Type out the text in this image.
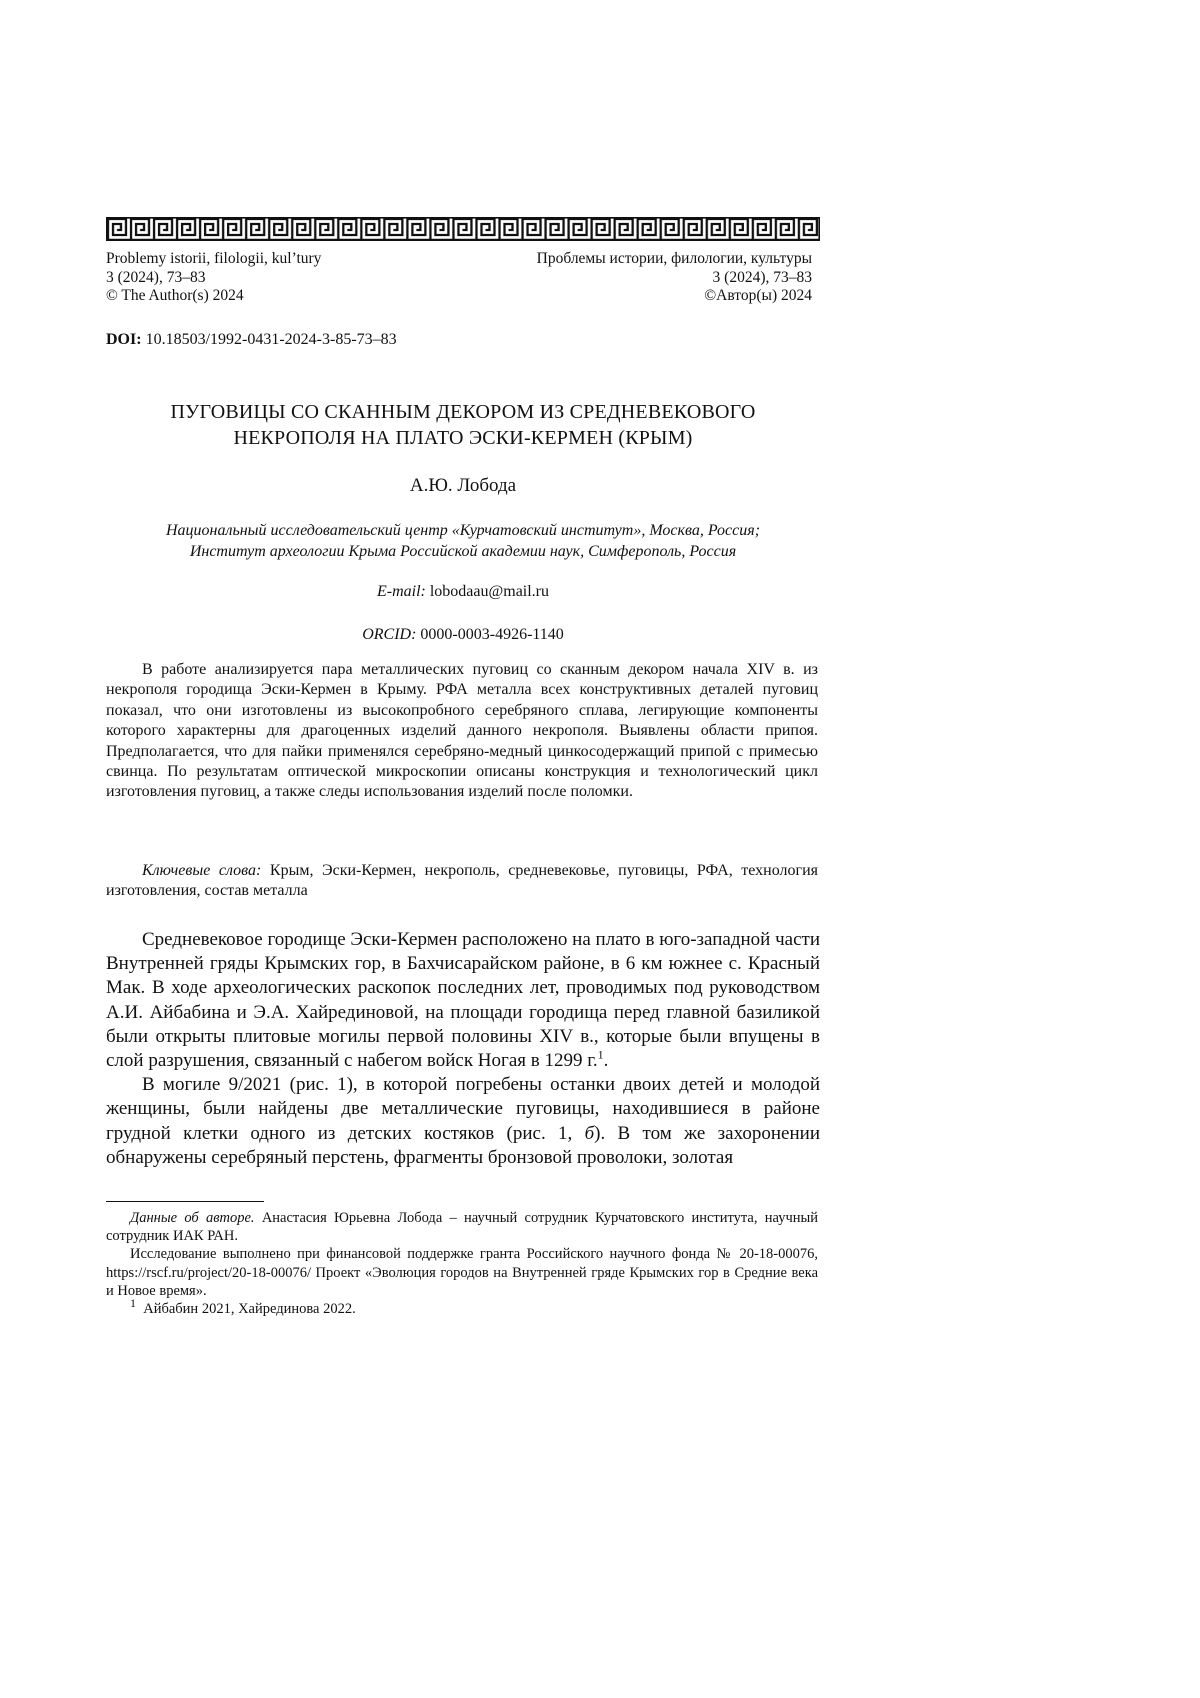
Problemy istorii, filologii, kul’tury
3 (2024), 73–83
© The Author(s) 2024
Проблемы истории, филологии, культуры
3 (2024), 73–83
©Автор(ы) 2024
DOI: 10.18503/1992-0431-2024-3-85-73–83
ПУГОВИЦЫ СО СКАННЫМ ДЕКОРОМ ИЗ СРЕДНЕВЕКОВОГО
НЕКРОПОЛЯ НА ПЛАТО ЭСКИ-КЕРМЕН (КРЫМ)
А.Ю. Лобода
Национальный исследовательский центр «Курчатовский институт», Москва, Россия;
Институт археологии Крыма Российской академии наук, Симферополь, Россия
E-mail: lobodaau@mail.ru
ORCID: 0000-0003-4926-1140

В работе анализируется пара металлических пуговиц со сканным декором начала XIV в. из некрополя городища Эски-Кермен в Крыму. РФА металла всех конструктивных деталей пуговиц показал, что они изготовлены из высокопробного серебряного сплава, легирующие компоненты которого характерны для драгоценных изделий данного некрополя. Выявлены области припоя. Предполагается, что для пайки применялся серебряно-медный цинкосодержащий припой с примесью свинца. По результатам оптической микроскопии описаны конструкция и технологический цикл изготовления пуговиц, а также следы использования изделий после поломки.

Ключевые слова: Крым, Эски-Кермен, некрополь, средневековье, пуговицы, РФА, технология изготовления, состав металла

Средневековое городище Эски-Кермен расположено на плато в юго-западной части Внутренней гряды Крымских гор, в Бахчисарайском районе, в 6 км южнее с. Красный Мак. В ходе археологических раскопок последних лет, проводимых под руководством А.И. Айбабина и Э.А. Хайрединовой, на площади городища перед главной базиликой были открыты плитовые могилы первой половины XIV в., которые были впущены в слой разрушения, связанный с набегом войск Ногая в 1299 г.1.

В могиле 9/2021 (рис. 1), в которой погребены останки двоих детей и молодой женщины, были найдены две металлические пуговицы, находившиеся в районе грудной клетки одного из детских костяков (рис. 1, б). В том же захоронении обнаружены серебряный перстень, фрагменты бронзовой проволоки, золотая

Данные об авторе. Анастасия Юрьевна Лобода – научный сотрудник Курчатовского института, научный сотрудник ИАК РАН.

Исследование выполнено при финансовой поддержке гранта Российского научного фонда № 20-18-00076, https://rscf.ru/project/20-18-00076/ Проект «Эволюция городов на Внутренней гряде Крымских гор в Средние века и Новое время».

1 Айбабин 2021, Хайрединова 2022.
